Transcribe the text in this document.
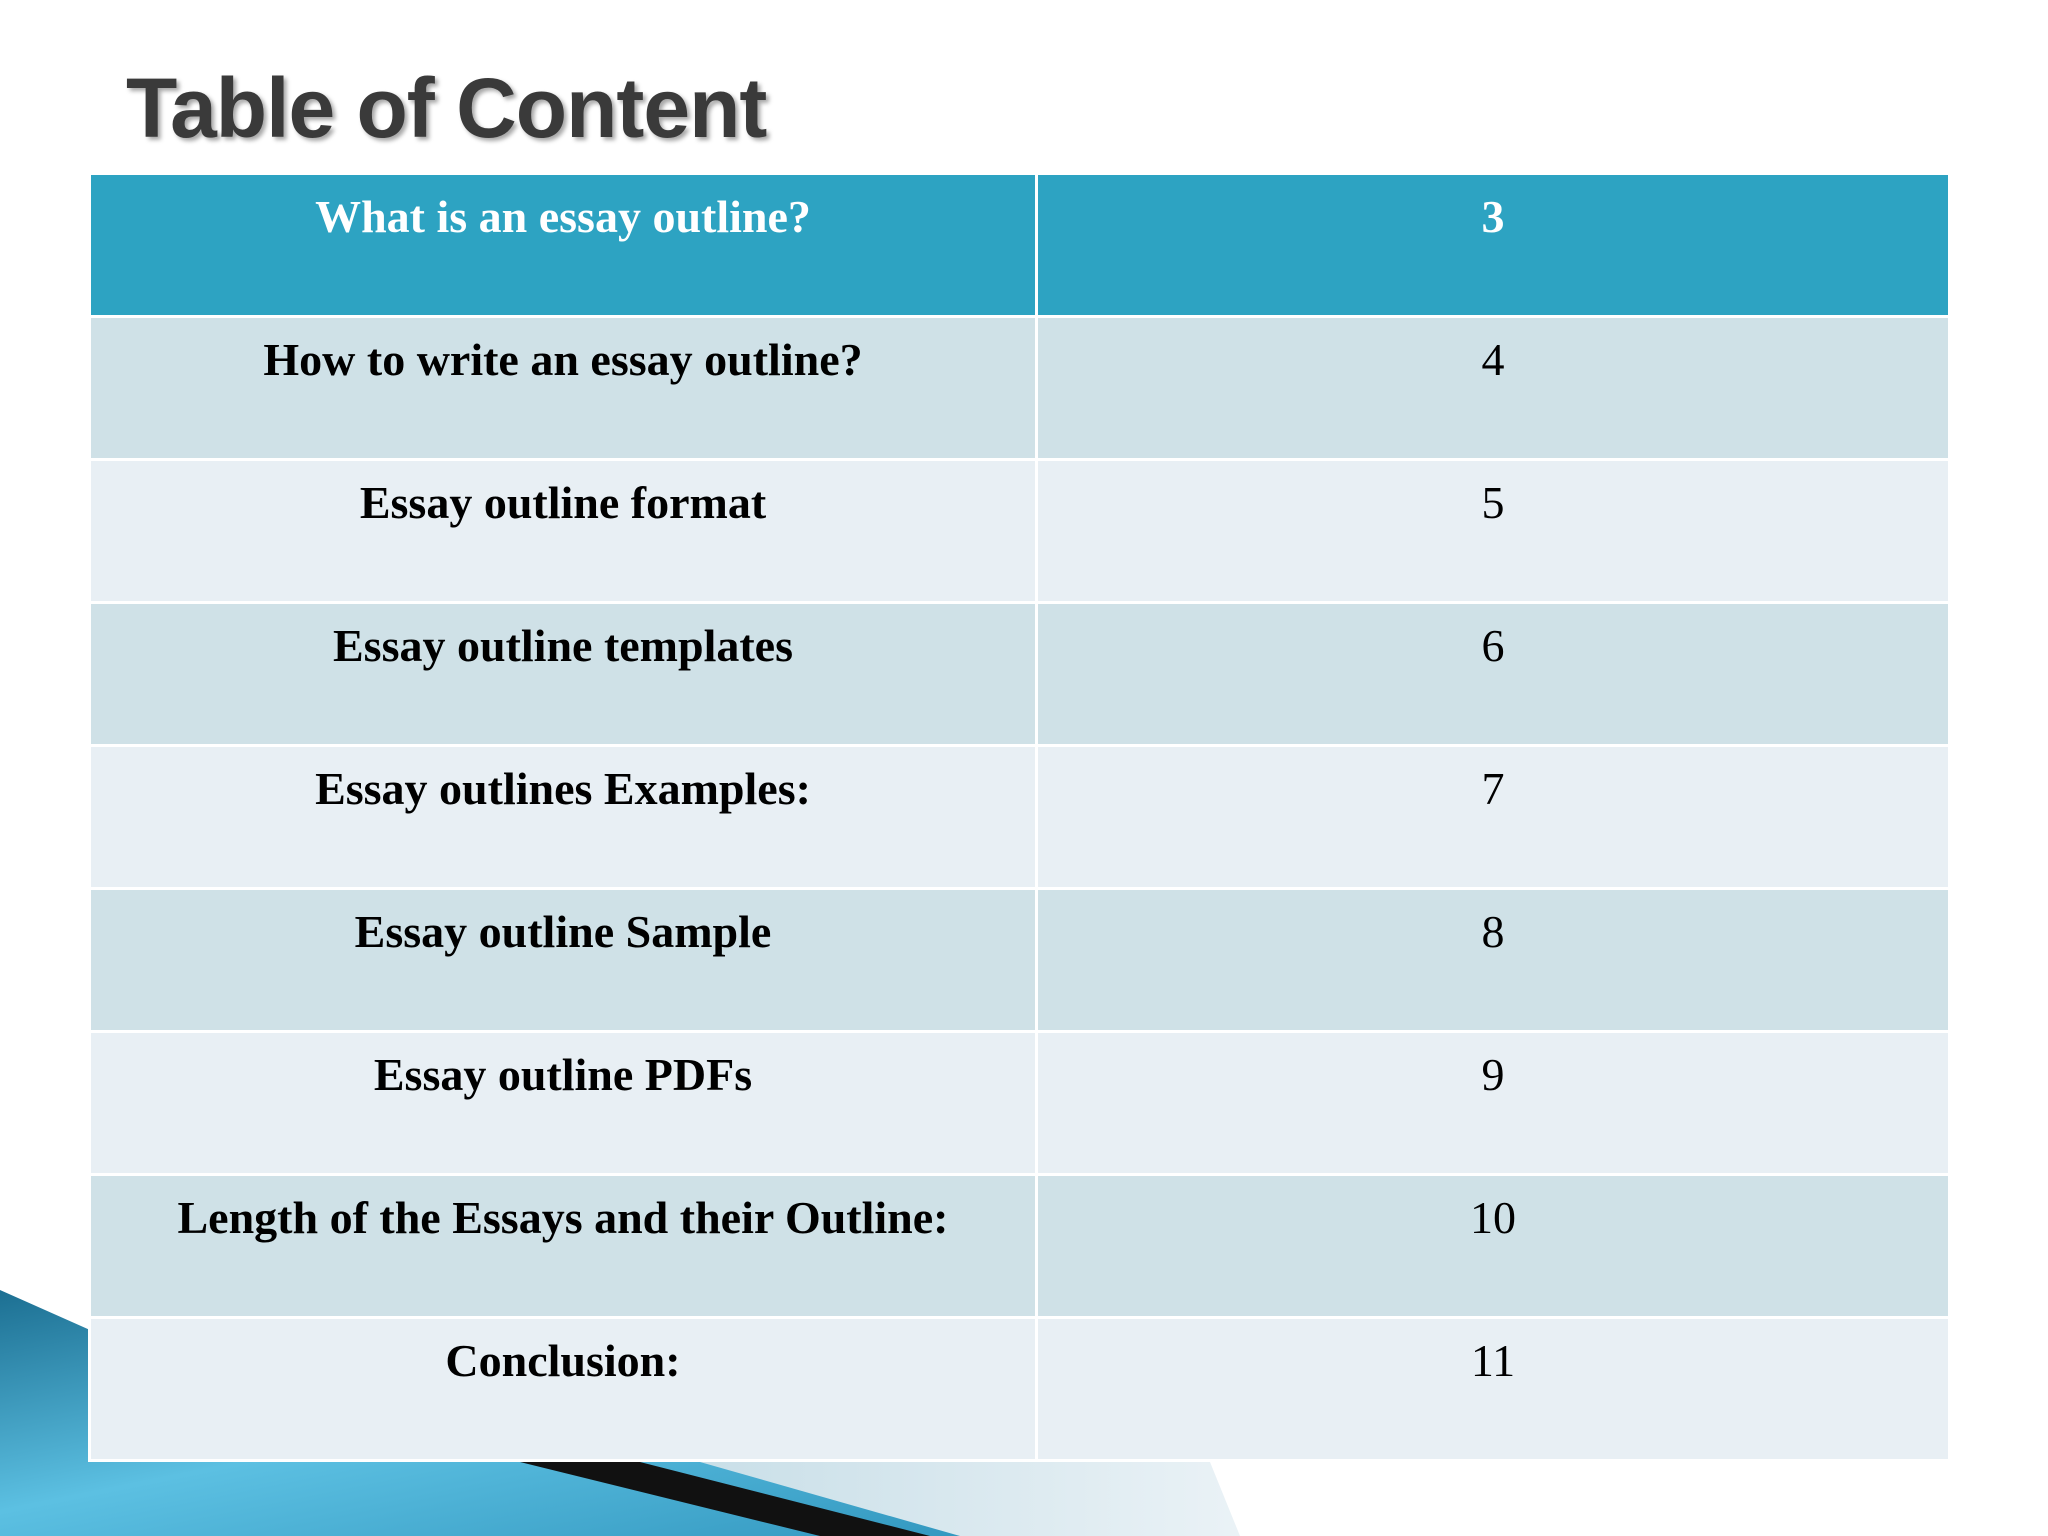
Table of Content
What is an essay outline?	3
How to write an essay outline?	4
Essay outline format	5
Essay outline templates	6
Essay outlines Examples:	7
Essay outline Sample	8
Essay outline PDFs	9
Length of the Essays and their Outline:	10
Conclusion:	11
